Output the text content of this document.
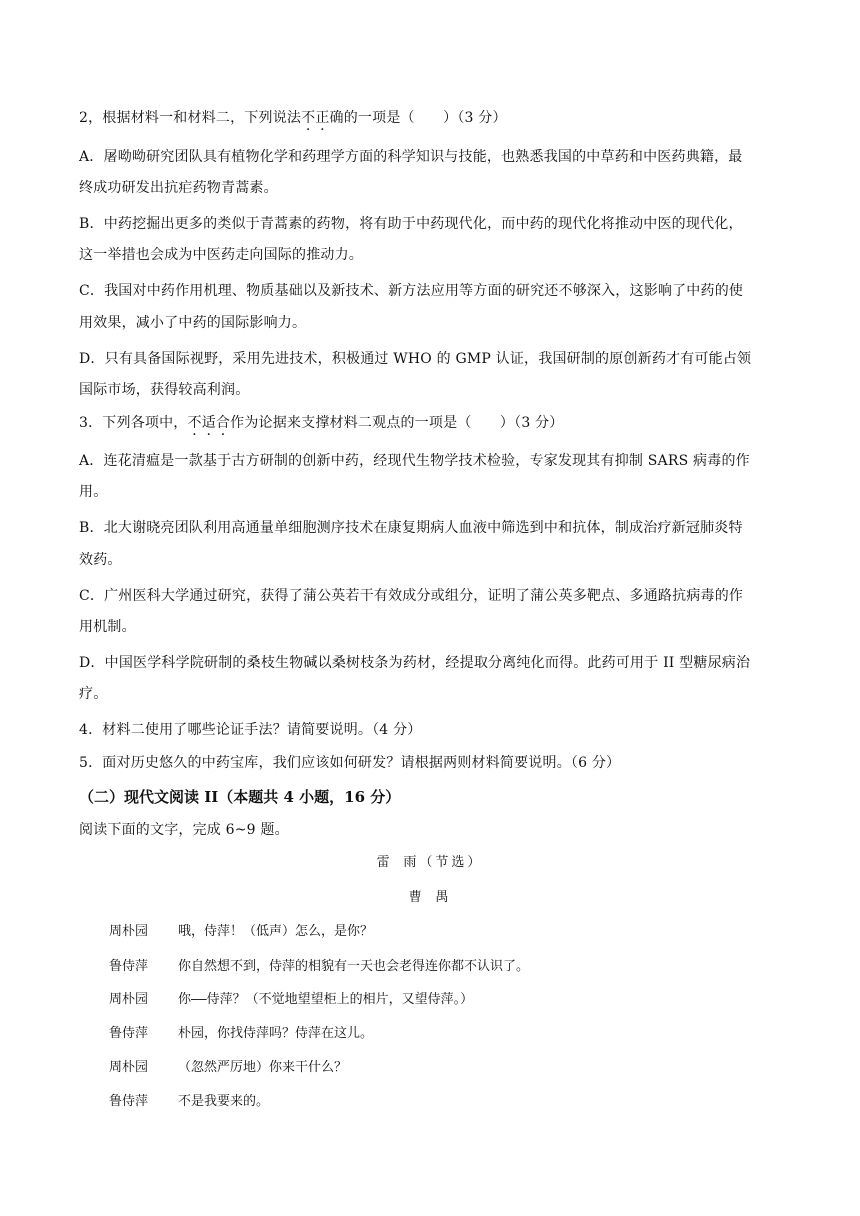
2，根据材料一和材料二，下列说法不正确的一项是（　　）（3 分）
A．屠呦呦研究团队具有植物化学和药理学方面的科学知识与技能，也熟悉我国的中草药和中医药典籍，最
终成功研发出抗疟药物青蒿素。
B．中药挖掘出更多的类似于青蒿素的药物，将有助于中药现代化，而中药的现代化将推动中医的现代化，
这一举措也会成为中医药走向国际的推动力。
C．我国对中药作用机理、物质基础以及新技术、新方法应用等方面的研究还不够深入，这影响了中药的使
用效果，减小了中药的国际影响力。
D．只有具备国际视野，采用先进技术，积极通过 WHO 的 GMP 认证，我国研制的原创新药才有可能占领
国际市场，获得较高利润。
3．下列各项中，不适合作为论据来支撑材料二观点的一项是（　　）（3 分）
A．连花清瘟是一款基于古方研制的创新中药，经现代生物学技术检验，专家发现其有抑制 SARS 病毒的作
用。
B．北大谢晓亮团队利用高通量单细胞测序技术在康复期病人血液中筛选到中和抗体，制成治疗新冠肺炎特
效药。
C．广州医科大学通过研究，获得了蒲公英若干有效成分或组分，证明了蒲公英多靶点、多通路抗病毒的作
用机制。
D．中国医学科学院研制的桑枝生物碱以桑树枝条为药材，经提取分离纯化而得。此药可用于 II 型糖尿病治
疗。
4．材料二使用了哪些论证手法？请简要说明。（4 分）
5．面对历史悠久的中药宝库，我们应该如何研发？请根据两则材料简要说明。（6 分）
（二）现代文阅读 II（本题共 4 小题，16 分）
阅读下面的文字，完成 6~9 题。
雷 雨（节选）
曹 禺
周朴园 哦，侍萍！（低声）怎么，是你？
鲁侍萍 你自然想不到，侍萍的相貌有一天也会老得连你都不认识了。
周朴园 你——侍萍？（不觉地望望柜上的相片，又望侍萍。）
鲁侍萍 朴园，你找侍萍吗？侍萍在这儿。
周朴园 （忽然严厉地）你来干什么？
鲁侍萍 不是我要来的。
